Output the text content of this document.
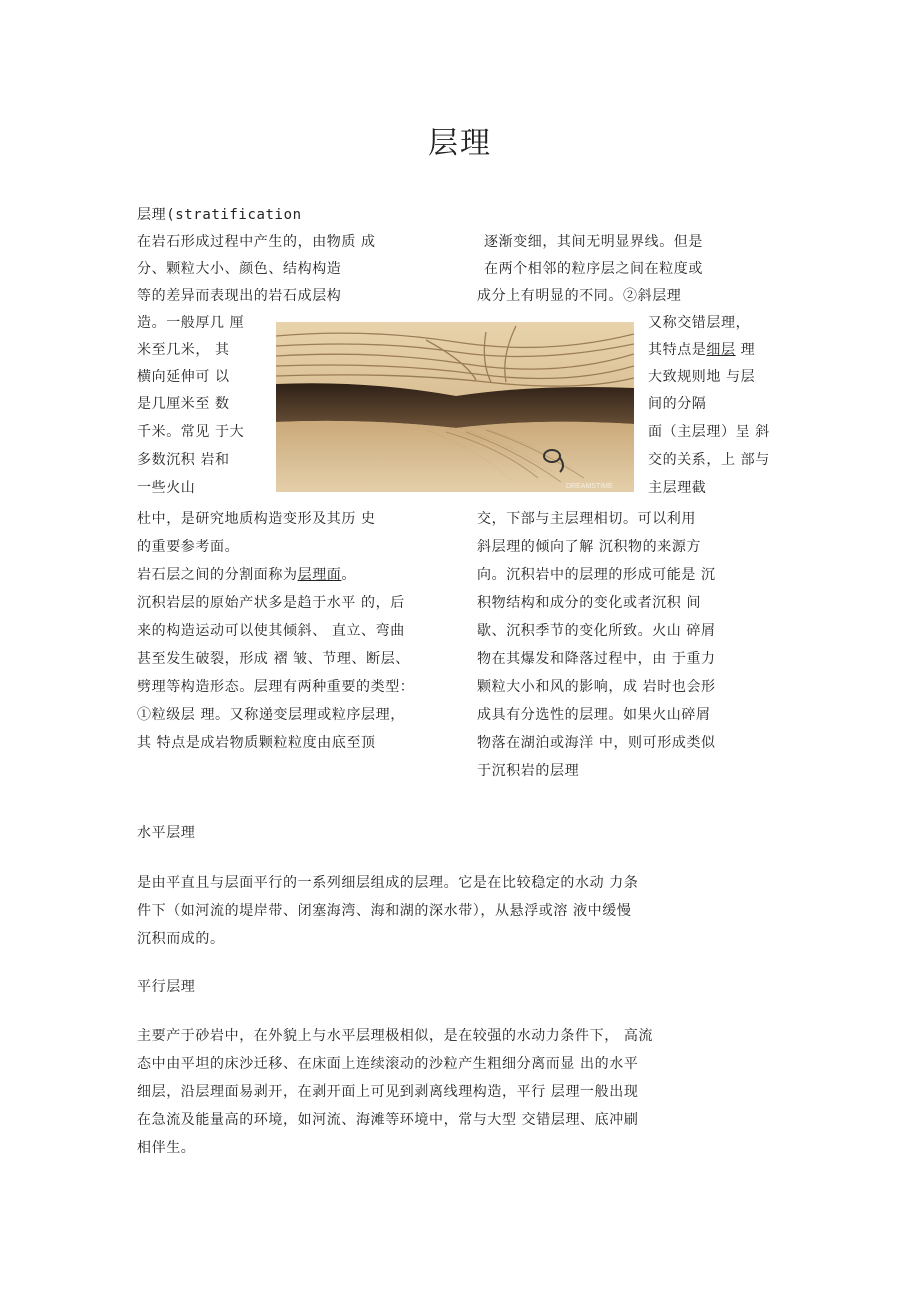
层理
层理(stratification
在岩石形成过程中产生的，由物质 成
分、颗粒大小、颜色、结构构造
等的差异而表现出的岩石成层构
造。一般厚几 厘
米至几米， 其
横向延伸可 以
是几厘米至 数
千米。常见 于大
多数沉积 岩和
一些火山
杜中，是研究地质构造变形及其历 史
的重要参考面。
岩石层之间的分割面称为层理面。
沉积岩层的原始产状多是趋于水平 的，后
来的构造运动可以使其倾斜、 直立、弯曲
甚至发生破裂，形成 褶 皱、节理、断层、
劈理等构造形态。层理有两种重要的类型：
①粒级层 理。又称递变层理或粒序层理，
其 特点是成岩物质颗粒粒度由底至顶
逐渐变细，其间无明显界线。但是
在两个相邻的粒序层之间在粒度或
成分上有明显的不同。②斜层理
又称交错层理，
其特点是细层 理
大致规则地 与层
间的分隔
面（主层理）呈 斜
交的关系，上 部与
主层理截
交，下部与主层理相切。可以利用
斜层理的倾向了解 沉积物的来源方
向。沉积岩中的层理的形成可能是 沉
积物结构和成分的变化或者沉积 间
歇、沉积季节的变化所致。火山 碎屑
物在其爆发和降落过程中，由 于重力
颗粒大小和风的影响，成 岩时也会形
成具有分选性的层理。如果火山碎屑
物落在湖泊或海洋 中，则可形成类似
于沉积岩的层理
DREAMSTIME
水平层理
是由平直且与层面平行的一系列细层组成的层理。它是在比较稳定的水动 力条
件下（如河流的堤岸带、闭塞海湾、海和湖的深水带），从悬浮或溶 液中缓慢
沉积而成的。
平行层理
主要产于砂岩中，在外貌上与水平层理极相似，是在较强的水动力条件下， 高流
态中由平坦的床沙迁移、在床面上连续滚动的沙粒产生粗细分离而显 出的水平
细层，沿层理面易剥开，在剥开面上可见到剥离线理构造，平行 层理一般出现
在急流及能量高的环境，如河流、海滩等环境中，常与大型 交错层理、底冲刷
相伴生。
